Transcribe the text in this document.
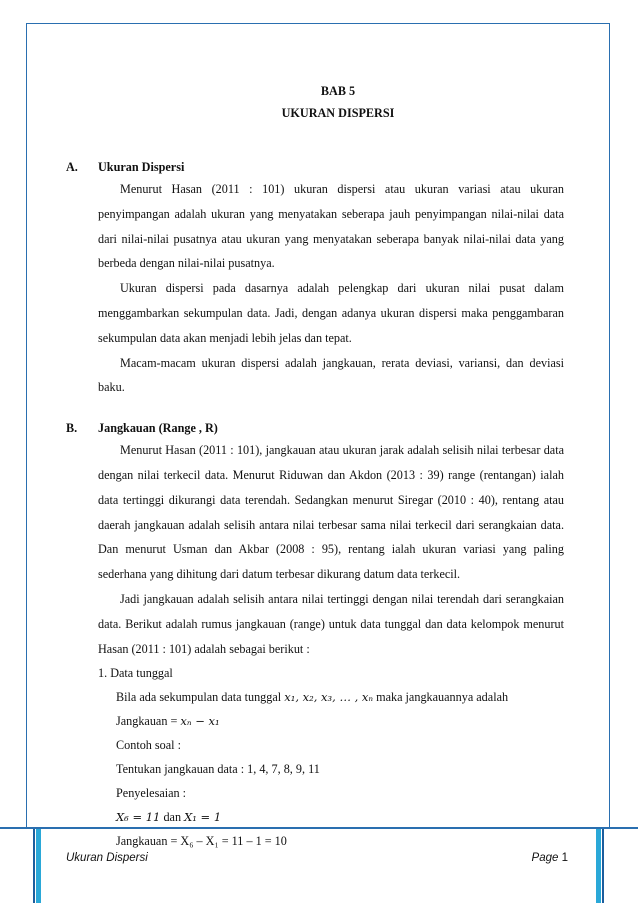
BAB 5
UKURAN DISPERSI
A.	Ukuran Dispersi
Menurut Hasan (2011 : 101) ukuran dispersi atau ukuran variasi atau ukuran penyimpangan adalah ukuran yang menyatakan seberapa jauh penyimpangan nilai-nilai data dari nilai-nilai pusatnya atau ukuran yang menyatakan seberapa banyak nilai-nilai data yang berbeda dengan nilai-nilai pusatnya.
Ukuran dispersi pada dasarnya adalah pelengkap dari ukuran nilai pusat dalam menggambarkan sekumpulan data. Jadi, dengan adanya ukuran dispersi maka penggambaran sekumpulan data akan menjadi lebih jelas dan tepat.
Macam-macam ukuran dispersi adalah jangkauan, rerata deviasi, variansi, dan deviasi baku.
B.	Jangkauan (Range , R)
Menurut Hasan (2011 : 101), jangkauan atau ukuran jarak adalah selisih nilai terbesar data dengan nilai terkecil data. Menurut Riduwan dan Akdon (2013 : 39) range (rentangan) ialah data tertinggi dikurangi data terendah. Sedangkan menurut Siregar (2010 : 40), rentang atau daerah jangkauan adalah selisih antara nilai terbesar sama nilai terkecil dari serangkaian data. Dan menurut Usman dan Akbar (2008 : 95), rentang ialah ukuran variasi yang paling sederhana yang dihitung dari datum terbesar dikurang datum data terkecil.
Jadi jangkauan adalah selisih antara nilai tertinggi dengan nilai terendah dari serangkaian data. Berikut adalah rumus jangkauan (range) untuk data tunggal dan data kelompok menurut Hasan (2011 : 101) adalah sebagai berikut :
1. Data tunggal
Bila ada sekumpulan data tunggal x₁, x₂, x₃, … , xₙ maka jangkauannya adalah
Jangkauan = xₙ − x₁
Contoh soal :
Tentukan jangkauan data : 1, 4, 7, 8, 9, 11
Penyelesaian :
X₆ = 11 dan X₁ = 1
Jangkauan = X₆ – X₁ = 11 – 1 = 10
Ukuran Dispersi	Page 1
